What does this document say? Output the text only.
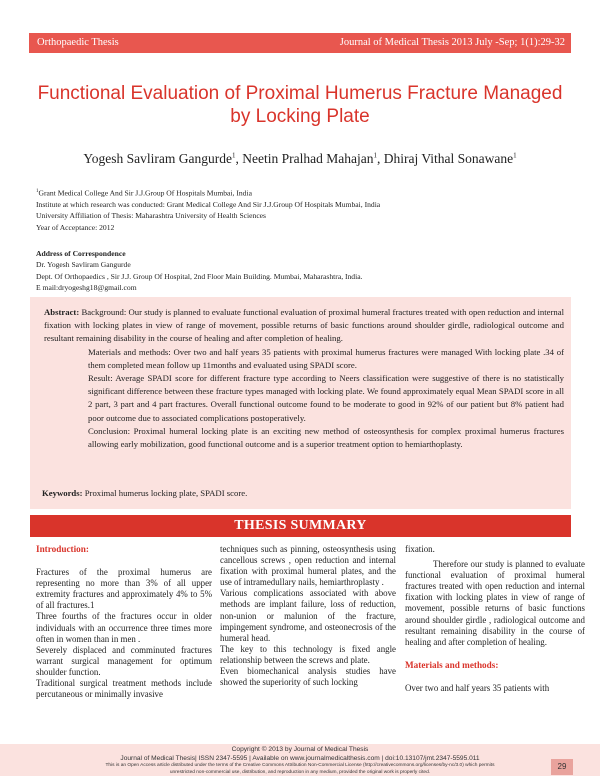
Orthopaedic Thesis	Journal of Medical Thesis 2013 July -Sep; 1(1):29-32
Functional Evaluation of Proximal Humerus Fracture Managed by Locking Plate
Yogesh Savliram Gangurde$^1$, Neetin Pralhad Mahajan$^1$, Dhiraj Vithal Sonawane$^1$
$^1$Grant Medical College And Sir J.J.Group Of Hospitals Mumbai, India
Institute at which research was conducted: Grant Medical College And Sir J.J.Group Of Hospitals Mumbai, India
University Affiliation of Thesis: Maharashtra University of Health Sciences
Year of Acceptance: 2012
Address of Correspondence
Dr. Yogesh Savliram Gangurde
Dept. Of Orthopaedics , Sir J.J. Group Of Hospital, 2nd Floor Main Building. Mumbai, Maharashtra, India.
E mail:dryogeshg18@gmail.com

Abstract: Background: Our study is planned to evaluate functional evaluation of proximal humeral fractures treated with open reduction and internal fixation with locking plates in view of range of movement, possible returns of basic functions around shoulder girdle, radiological outcome and resultant remaining disability in the course of healing and after completion of healing.

Materials and methods: Over two and half years 35 patients with proximal humerus fractures were managed With locking plate .34 of them completed mean follow up 11months and evaluated using SPADI score.

Result: Average SPADI score for different fracture type according to Neers classification were suggestive of there is no statistically significant difference between these fracture types managed with locking plate. We found approximately equal Mean SPADI score in all 2 part, 3 part and 4 part fractures. Overall functional outcome found to be moderate to good in 92% of our patient but 8% patient had poor outcome due to associated complications postoperatively.

Conclusion: Proximal humeral locking plate is an exciting new method of osteosynthesis for complex proximal humerus fractures allowing early mobilization, good functional outcome and is a superior treatment option to hemiarthoplasty.

Keywords: Proximal humerus locking plate, SPADI score.
THESIS SUMMARY
Introduction:
Fractures of the proximal humerus are representing no more than 3% of all upper extremity fractures and approximately 4% to 5% of all fractures.1
Three fourths of the fractures occur in older individuals with an occurrence three times more often in women than in men .
Severely displaced and comminuted fractures warrant surgical management for optimum shoulder function.
Traditional surgical treatment methods include percutaneous or minimally invasive
techniques such as pinning, osteosynthesis using cancellous screws , open reduction and internal fixation with proximal humeral plates, and the use of intramedullary nails, hemiarthroplasty .
Various complications associated with above methods are implant failure, loss of reduction, non-union or malunion of the fracture, impingement syndrome, and osteonecrosis of the humeral head.
The key to this technology is fixed angle relationship between the screws and plate.
Even biomechanical analysis studies have showed the superiority of such locking
fixation.
Therefore our study is planned to evaluate functional evaluation of proximal humeral fractures treated with open reduction and internal fixation with locking plates in view of range of movement, possible returns of basic functions around shoulder girdle , radiological outcome and resultant remaining disability in the course of healing and after completion of healing.
Materials and methods:
Over two and half years 35 patients with
Copyright © 2013 by Journal of Medical Thesis
Journal of Medical Thesis| ISSN 2347-5595 | Available on www.journalmedicalthesis.com | doi:10.13107/jmt.2347-5595.011
This is an Open Access article distributed under the terms of the Creative Commons Attribution Non-Commercial License (http://creativecommons.org/licenses/by-nc/3.0) which permits
unrestricted non-commercial use, distribution, and reproduction in any medium, provided the original work is properly cited.
29
